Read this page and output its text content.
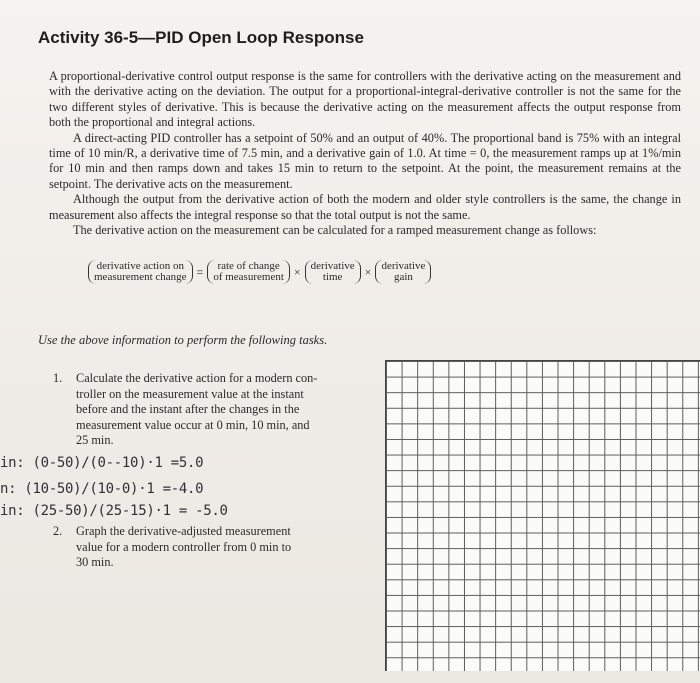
Activity 36-5—PID Open Loop Response

A proportional-derivative control output response is the same for controllers with the derivative acting on the measurement and with the derivative acting on the deviation. The output for a proportional-integral-derivative controller is not the same for the two different styles of derivative. This is because the derivative acting on the measurement affects the output response from both the proportional and integral actions.

A direct-acting PID controller has a setpoint of 50% and an output of 40%. The proportional band is 75% with an integral time of 10 min/R, a derivative time of 7.5 min, and a derivative gain of 1.0. At time = 0, the measurement ramps up at 1%/min for 10 min and then ramps down and takes 15 min to return to the setpoint. At the point, the measurement remains at the setpoint. The derivative acts on the measurement.

Although the output from the derivative action of both the modern and older style controllers is the same, the change in measurement also affects the integral response so that the total output is not the same.

The derivative action on the measurement can be calculated for a ramped measurement change as follows:

derivative action on
measurement change =	rate of change
of measurement × derivative
time	× derivative
gain
Use the above information to perform the following tasks.
1. Calculate the derivative action for a modern con-
troller on the measurement value at the instant
before and the instant after the changes in the
measurement value occur at 0 min, 10 min, and
25 min.
in: (0-50)/(0--10)·1 =5.0
n: (10-50)/(10-0)·1 =-4.0
in: (25-50)/(25-15)·1 = -5.0
2. Graph the derivative-adjusted measurement
value for a modern controller from 0 min to
30 min.
